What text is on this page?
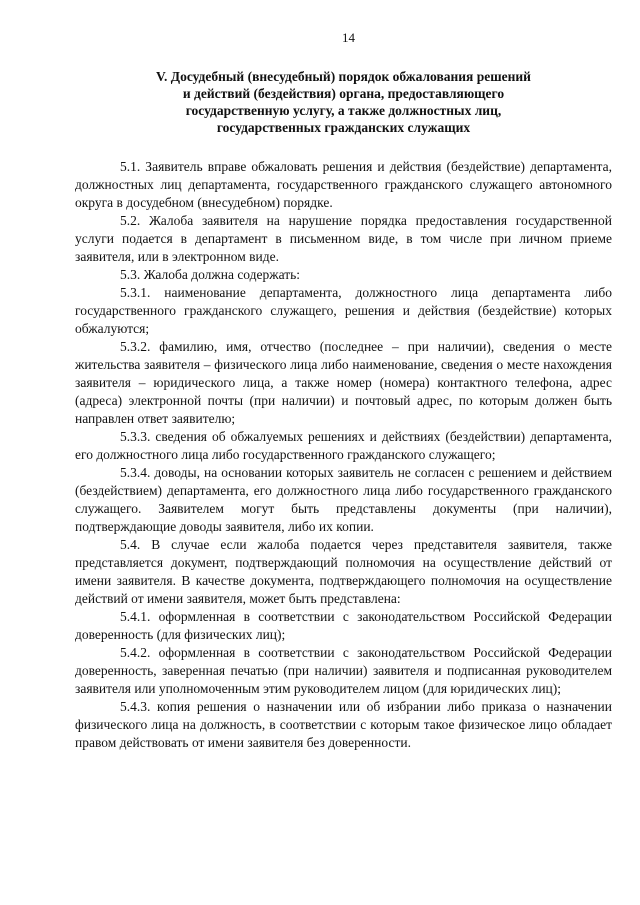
14
V. Досудебный (внесудебный) порядок обжалования решений
и действий (бездействия) органа, предоставляющего
государственную услугу, а также должностных лиц,
государственных гражданских служащих

5.1. Заявитель вправе обжаловать решения и действия (бездействие) департамента, должностных лиц департамента, государственного гражданского служащего автономного округа в досудебном (внесудебном) порядке.

5.2. Жалоба заявителя на нарушение порядка предоставления государственной услуги подается в департамент в письменном виде, в том числе при личном приеме заявителя, или в электронном виде.

5.3. Жалоба должна содержать:

5.3.1. наименование департамента, должностного лица департамента либо государственного гражданского служащего, решения и действия (бездействие) которых обжалуются;

5.3.2. фамилию, имя, отчество (последнее – при наличии), сведения о месте жительства заявителя – физического лица либо наименование, сведения о месте нахождения заявителя – юридического лица, а также номер (номера) контактного телефона, адрес (адреса) электронной почты (при наличии) и почтовый адрес, по которым должен быть направлен ответ заявителю;

5.3.3. сведения об обжалуемых решениях и действиях (бездействии) департамента, его должностного лица либо государственного гражданского служащего;

5.3.4. доводы, на основании которых заявитель не согласен с решением и действием (бездействием) департамента, его должностного лица либо государственного гражданского служащего. Заявителем могут быть представлены документы (при наличии), подтверждающие доводы заявителя, либо их копии.

5.4. В случае если жалоба подается через представителя заявителя, также представляется документ, подтверждающий полномочия на осуществление действий от имени заявителя. В качестве документа, подтверждающего полномочия на осуществление действий от имени заявителя, может быть представлена:

5.4.1. оформленная в соответствии с законодательством Российской Федерации доверенность (для физических лиц);

5.4.2. оформленная в соответствии с законодательством Российской Федерации доверенность, заверенная печатью (при наличии) заявителя и подписанная руководителем заявителя или уполномоченным этим руководителем лицом (для юридических лиц);

5.4.3. копия решения о назначении или об избрании либо приказа о назначении физического лица на должность, в соответствии с которым такое физическое лицо обладает правом действовать от имени заявителя без доверенности.
